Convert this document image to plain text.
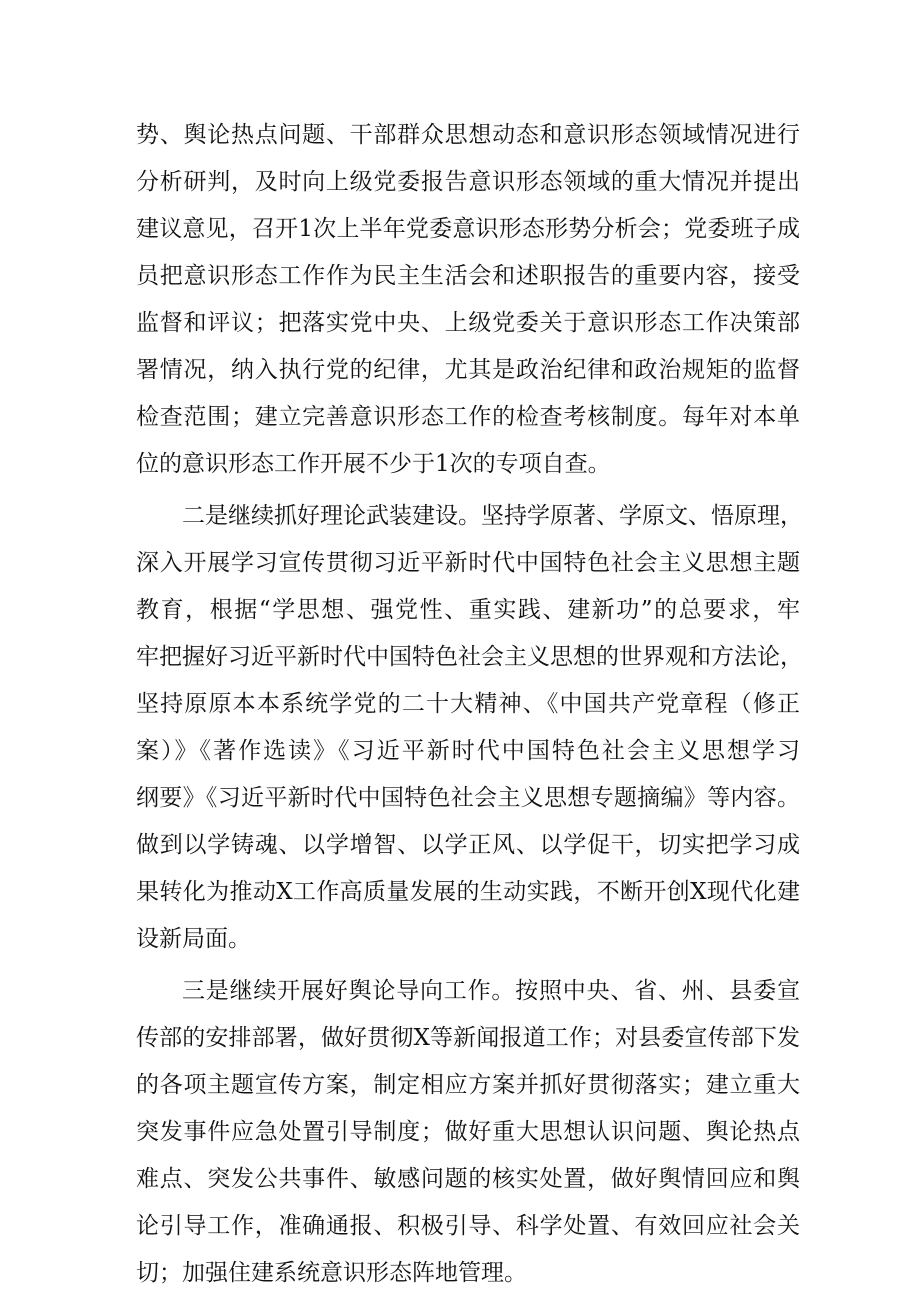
势、舆论热点问题、干部群众思想动态和意识形态领域情况进行
分析研判，及时向上级党委报告意识形态领域的重大情况并提出
建议意见，召开1次上半年党委意识形态形势分析会；党委班子成
员把意识形态工作作为民主生活会和述职报告的重要内容，接受
监督和评议；把落实党中央、上级党委关于意识形态工作决策部
署情况，纳入执行党的纪律，尤其是政治纪律和政治规矩的监督
检查范围；建立完善意识形态工作的检查考核制度。每年对本单
位的意识形态工作开展不少于1次的专项自查。
二是继续抓好理论武装建设。坚持学原著、学原文、悟原理，
深入开展学习宣传贯彻习近平新时代中国特色社会主义思想主题
教育，根据“学思想、强党性、重实践、建新功”的总要求，牢
牢把握好习近平新时代中国特色社会主义思想的世界观和方法论，
坚持原原本本系统学党的二十大精神、《中国共产党章程（修正
案）》《著作选读》《习近平新时代中国特色社会主义思想学习
纲要》《习近平新时代中国特色社会主义思想专题摘编》等内容。
做到以学铸魂、以学增智、以学正风、以学促干，切实把学习成
果转化为推动X工作高质量发展的生动实践，不断开创X现代化建
设新局面。
三是继续开展好舆论导向工作。按照中央、省、州、县委宣
传部的安排部署，做好贯彻X等新闻报道工作；对县委宣传部下发
的各项主题宣传方案，制定相应方案并抓好贯彻落实；建立重大
突发事件应急处置引导制度；做好重大思想认识问题、舆论热点
难点、突发公共事件、敏感问题的核实处置，做好舆情回应和舆
论引导工作，准确通报、积极引导、科学处置、有效回应社会关
切；加强住建系统意识形态阵地管理。
